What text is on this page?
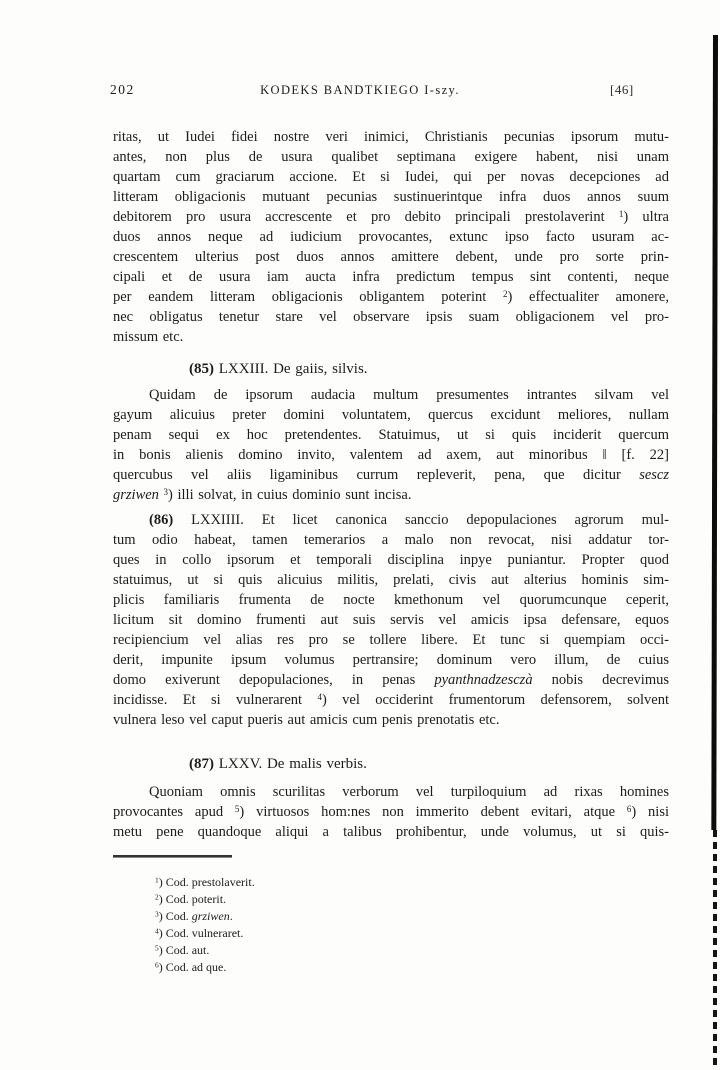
202	KODEKS BANDTKIEGO I-szy.	[46]
ritas, ut Iudei fidei nostre veri inimici, Christianis pecunias ipsorum mutu-
antes, non plus de usura qualibet septimana exigere habent, nisi unam
quartam cum graciarum accione. Et si Iudei, qui per novas decepciones ad
litteram obligacionis mutuant pecunias sustinuerintque infra duos annos suum
debitorem pro usura accrescente et pro debito principali prestolaverint $^1$) ultra
duos annos neque ad iudicium provocantes, extunc ipso facto usuram ac-
crescentem ulterius post duos annos amittere debent, unde pro sorte prin-
cipali et de usura iam aucta infra predictum tempus sint contenti, neque
per eandem litteram obligacionis obligantem poterint $^2$) effectualiter amonere,
nec obligatus tenetur stare vel observare ipsis suam obligacionem vel pro-
missum etc.
(85) LXXIII. De gaiis, silvis.
Quidam de ipsorum audacia multum presumentes intrantes silvam vel
gayum alicuius preter domini voluntatem, quercus excidunt meliores, nullam
penam sequi ex hoc pretendentes. Statuimus, ut si quis inciderit quercum
in bonis alienis domino invito, valentem ad axem, aut minoribus ‖ [f. 22]
quercubus vel aliis ligaminibus currum repleverit, pena, que dicitur sescz
grziwen $^3$) illi solvat, in cuius dominio sunt incisa.
(86) LXXIIII. Et licet canonica sanccio depopulaciones agrorum mul-
tum odio habeat, tamen temerarios a malo non revocat, nisi addatur tor-
ques in collo ipsorum et temporali disciplina inpye puniantur. Propter quod
statuimus, ut si quis alicuius militis, prelati, civis aut alterius hominis sim-
plicis familiaris frumenta de nocte kmethonum vel quorumcunque ceperit,
licitum sit domino frumenti aut suis servis vel amicis ipsa defensare, equos
recipiencium vel alias res pro se tollere libere. Et tunc si quempiam occi-
derit, impunite ipsum volumus pertransire; dominum vero illum, de cuius
domo exiverunt depopulaciones, in penas pyanthnadzesczà nobis decrevimus
incidisse. Et si vulnerarent $^4$) vel occiderint frumentorum defensorem, solvent
vulnera leso vel caput pueris aut amicis cum penis prenotatis etc.
(87) LXXV. De malis verbis.
Quoniam omnis scurilitas verborum vel turpiloquium ad rixas homines
provocantes apud $^5$) virtuosos hom:nes non immerito debent evitari, atque $^6$) nisi
metu pene quandoque aliqui a talibus prohibentur, unde volumus, ut si quis-
$^1$) Cod. prestolaverit.
$^2$) Cod. poterit.
$^3$) Cod. grziwen.
$^4$) Cod. vulneraret.
$^5$) Cod. aut.
$^6$) Cod. ad que.
